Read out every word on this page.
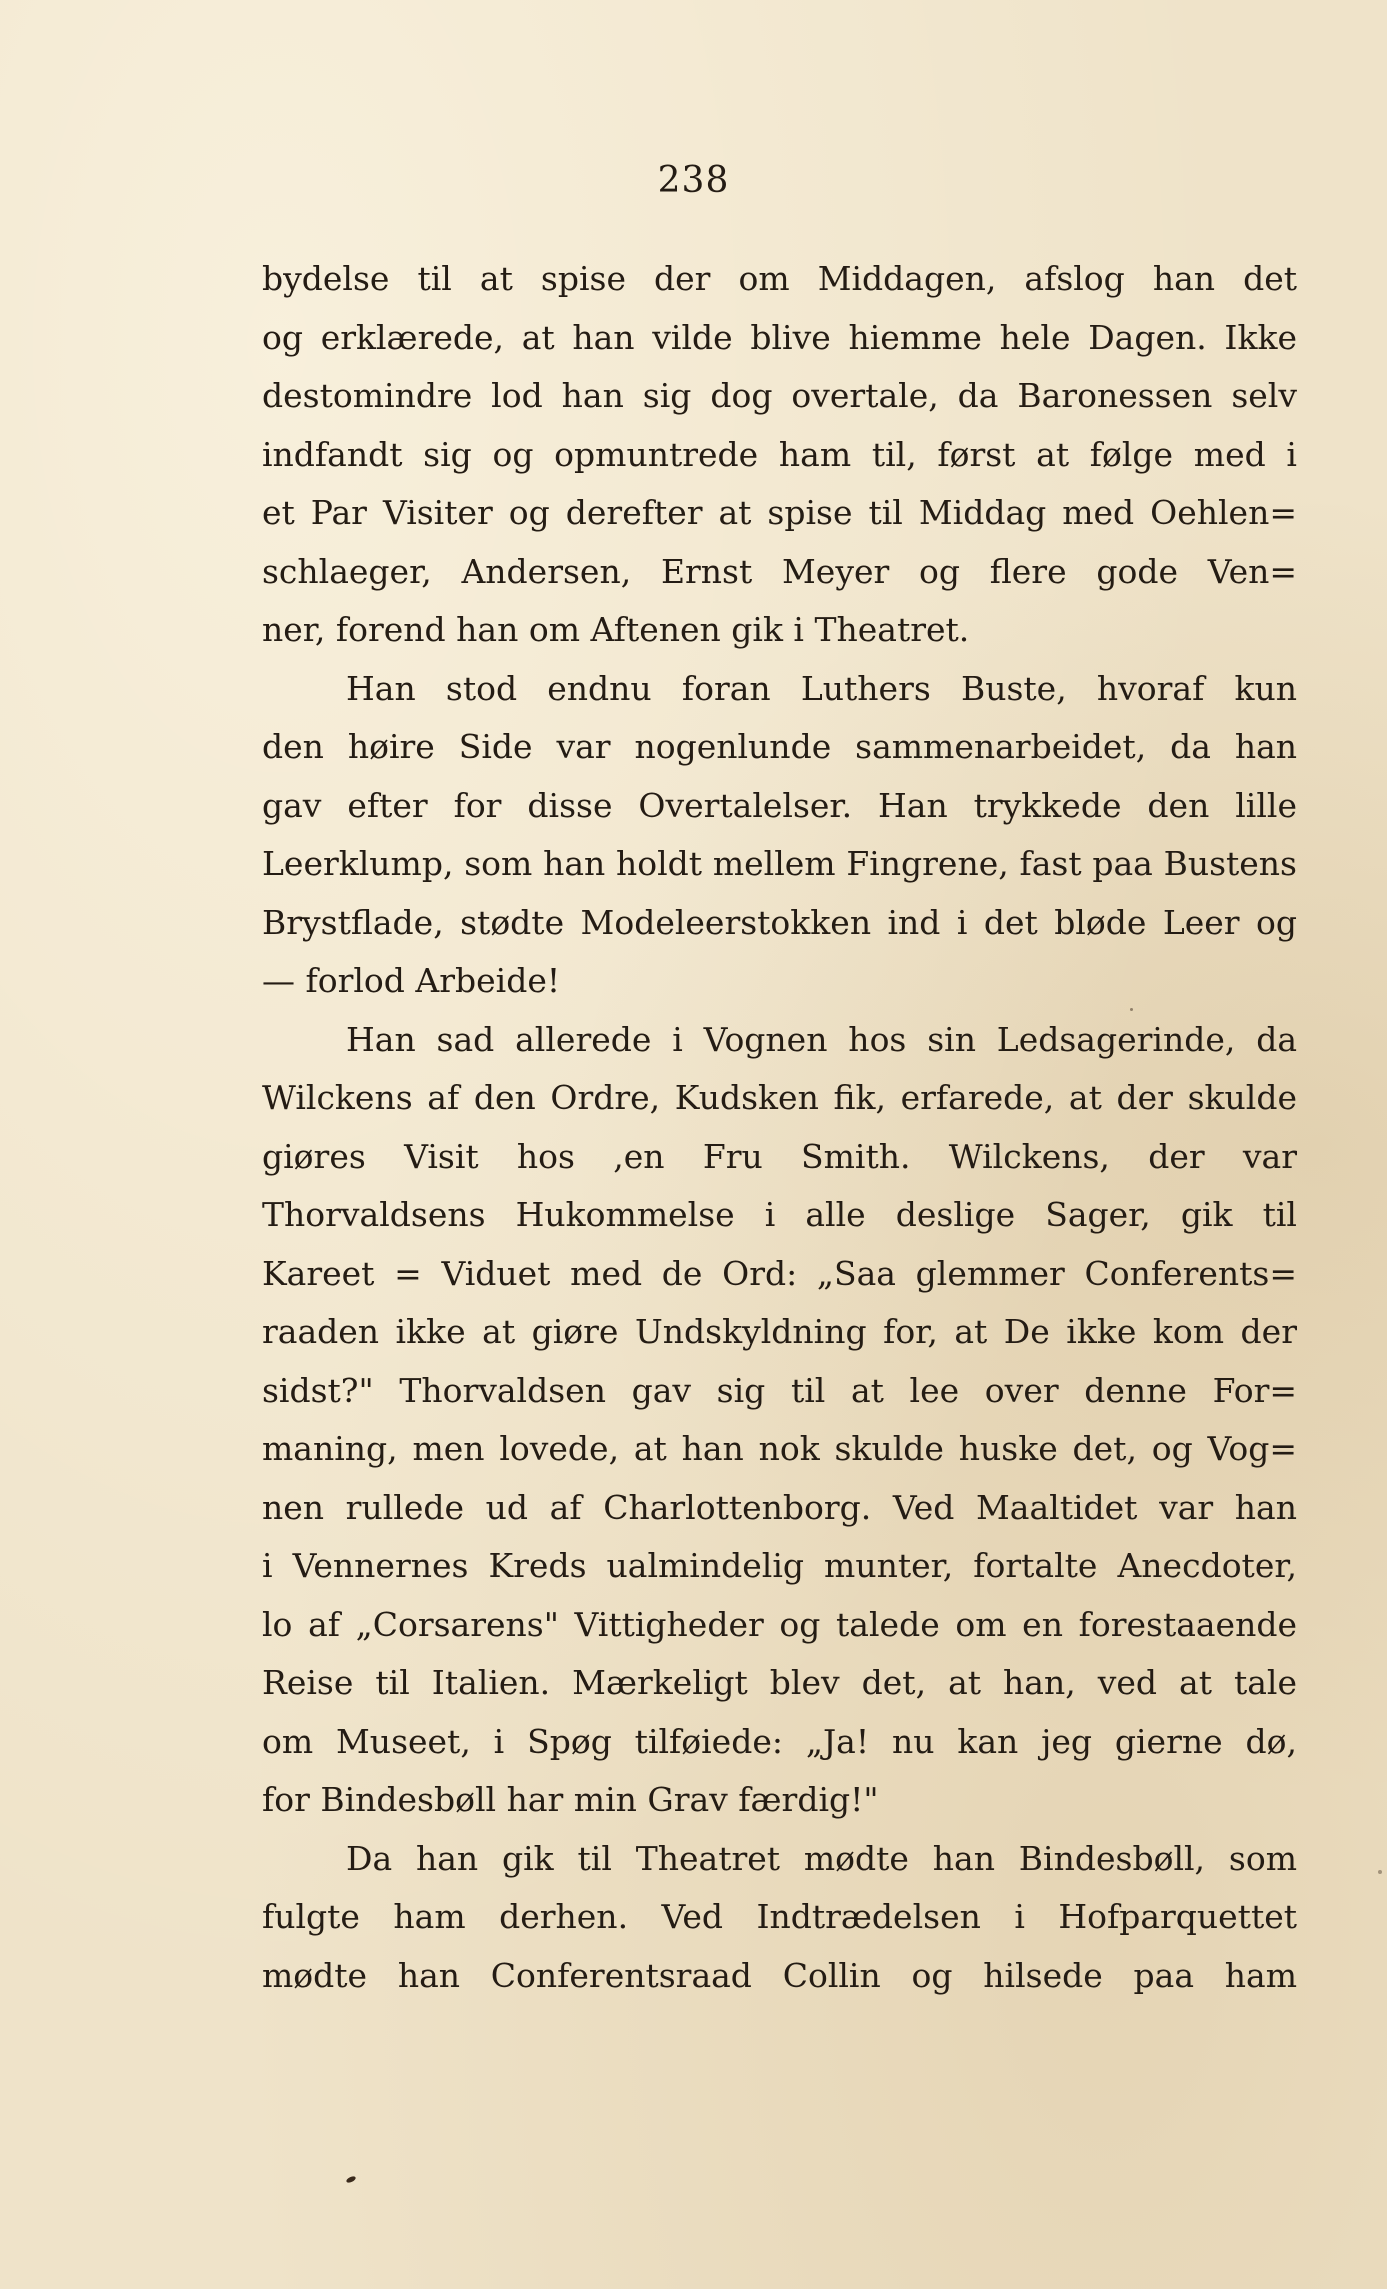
238
bydelse til at spise der om Middagen, afslog han det
og erklærede, at han vilde blive hiemme hele Dagen. Ikke
destomindre lod han sig dog overtale, da Baronessen selv
indfandt sig og opmuntrede ham til, først at følge med i
et Par Visiter og derefter at spise til Middag med Oehlen=
schlaeger, Andersen, Ernst Meyer og flere gode Ven=
ner, forend han om Aftenen gik i Theatret.
Han stod endnu foran Luthers Buste, hvoraf kun
den høire Side var nogenlunde sammenarbeidet, da han
gav efter for disse Overtalelser. Han trykkede den lille
Leerklump, som han holdt mellem Fingrene, fast paa Bustens
Brystflade, stødte Modeleerstokken ind i det bløde Leer og
— forlod Arbeide!
Han sad allerede i Vognen hos sin Ledsagerinde, da
Wilckens af den Ordre, Kudsken fik, erfarede, at der skulde
giøres Visit hos ,en Fru Smith. Wilckens, der var
Thorvaldsens Hukommelse i alle deslige Sager, gik til
Kareet = Viduet med de Ord: „Saa glemmer Conferents=
raaden ikke at giøre Undskyldning for, at De ikke kom der
sidst?" Thorvaldsen gav sig til at lee over denne For=
maning, men lovede, at han nok skulde huske det, og Vog=
nen rullede ud af Charlottenborg. Ved Maaltidet var han
i Vennernes Kreds ualmindelig munter, fortalte Anecdoter,
lo af „Corsarens" Vittigheder og talede om en forestaaende
Reise til Italien. Mærkeligt blev det, at han, ved at tale
om Museet, i Spøg tilføiede: „Ja! nu kan jeg gierne dø,
for Bindesbøll har min Grav færdig!"
Da han gik til Theatret mødte han Bindesbøll, som
fulgte ham derhen. Ved Indtrædelsen i Hofparquettet
mødte han Conferentsraad Collin og hilsede paa ham
